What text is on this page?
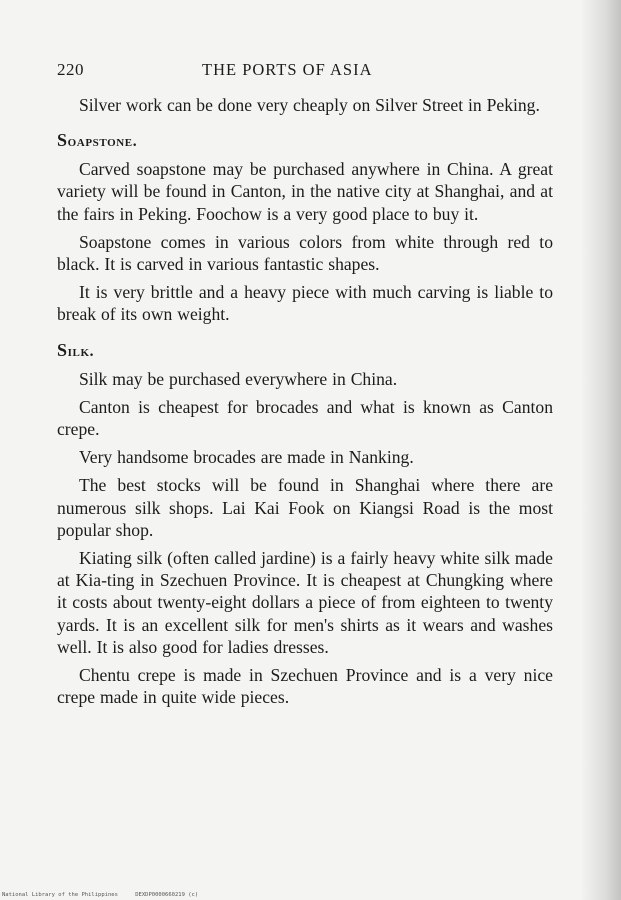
220	THE PORTS OF ASIA

Silver work can be done very cheaply on Silver Street in Peking.

Soapstone.

Carved soapstone may be purchased anywhere in China. A great variety will be found in Canton, in the native city at Shanghai, and at the fairs in Peking. Foochow is a very good place to buy it.

Soapstone comes in various colors from white through red to black. It is carved in various fantastic shapes.

It is very brittle and a heavy piece with much carving is liable to break of its own weight.

Silk.

Silk may be purchased everywhere in China.

Canton is cheapest for brocades and what is known as Canton crepe.

Very handsome brocades are made in Nanking.

The best stocks will be found in Shanghai where there are numerous silk shops. Lai Kai Fook on Kiangsi Road is the most popular shop.

Kiating silk (often called jardine) is a fairly heavy white silk made at Kia-ting in Szechuen Province. It is cheapest at Chungking where it costs about twenty-eight dollars a piece of from eighteen to twenty yards. It is an excellent silk for men's shirts as it wears and washes well. It is also good for ladies dresses.

Chentu crepe is made in Szechuen Province and is a very nice crepe made in quite wide pieces.

National Library of the Philippines	DEXDP0000660219 (c)
